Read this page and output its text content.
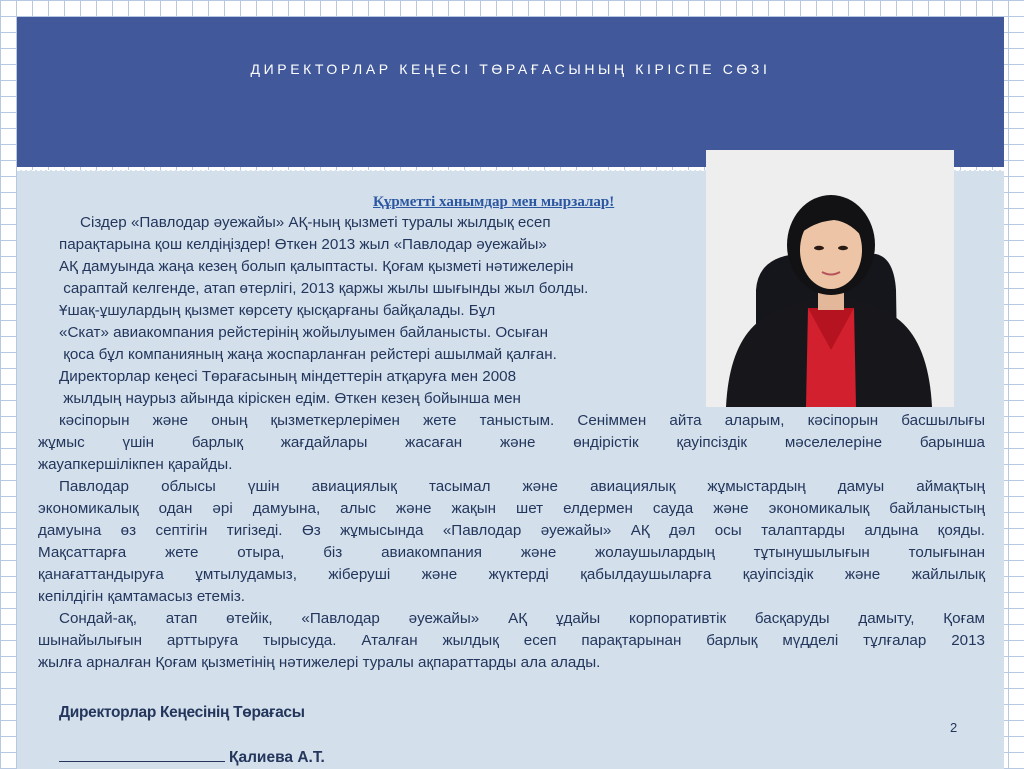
ДИРЕКТОРЛАР КЕҢЕСІ ТӨРАҒАСЫНЫҢ КІРІСПЕ СӨЗІ
Құрметті ханымдар мен мырзалар!
Сіздер «Павлодар әуежайы» АҚ-ның қызметі туралы жылдық есеп
парақтарына қош келдіңіздер! Өткен 2013 жыл «Павлодар әуежайы»
АҚ дамуында жаңа кезең болып қалыптасты. Қоғам қызметі нәтижелерін
сараптай келгенде, атап өтерлігі, 2013 қаржы жылы шығынды жыл болды.
Ұшақ-ұшулардың қызмет көрсету қысқарғаны байқалады. Бұл
«Скат» авиакомпания рейстерінің жойылуымен байланысты. Осыған
қоса бұл компанияның жаңа жоспарланған рейстері ашылмай қалған.
Директорлар кеңесі Төрағасының міндеттерін атқаруға мен 2008
жылдың наурыз айында кіріскен едім. Өткен кезең бойынша мен
кәсіпорын және оның қызметкерлерімен жете таныстым. Сеніммен айта аларым, кәсіпорын басшылығы
жұмыс үшін барлық жағдайлары жасаған және өндірістік қауіпсіздік мәселелеріне барынша
жауапкершілікпен қарайды.
Павлодар облысы үшін авиациялық тасымал және авиациялық жұмыстардың дамуы аймақтың
экономикалық одан әрі дамуына, алыс және жақын шет елдермен сауда және экономикалық байланыстың
дамуына өз септігін тигізеді. Өз жұмысында «Павлодар әуежайы» АҚ дәл осы талаптарды алдына қояды.
Мақсаттарға жете отыра, біз авиакомпания және жолаушылардың тұтынушылығын толығынан
қанағаттандыруға ұмтылудамыз, жіберуші және жүктерді қабылдаушыларға қауіпсіздік және жайлылық
кепілдігін қамтамасыз етеміз.
Сондай-ақ, атап өтейік, «Павлодар әуежайы» АҚ ұдайы корпоративтік басқаруды дамыту, Қоғам
шынайылығын арттыруға тырысуда. Аталған жылдық есеп парақтарынан барлық мүдделі тұлғалар 2013
жылға арналған Қоғам қызметінің нәтижелері туралы ақпараттарды ала алады.
Директорлар Кеңесінің Төрағасы
Қалиева А.Т.
2
